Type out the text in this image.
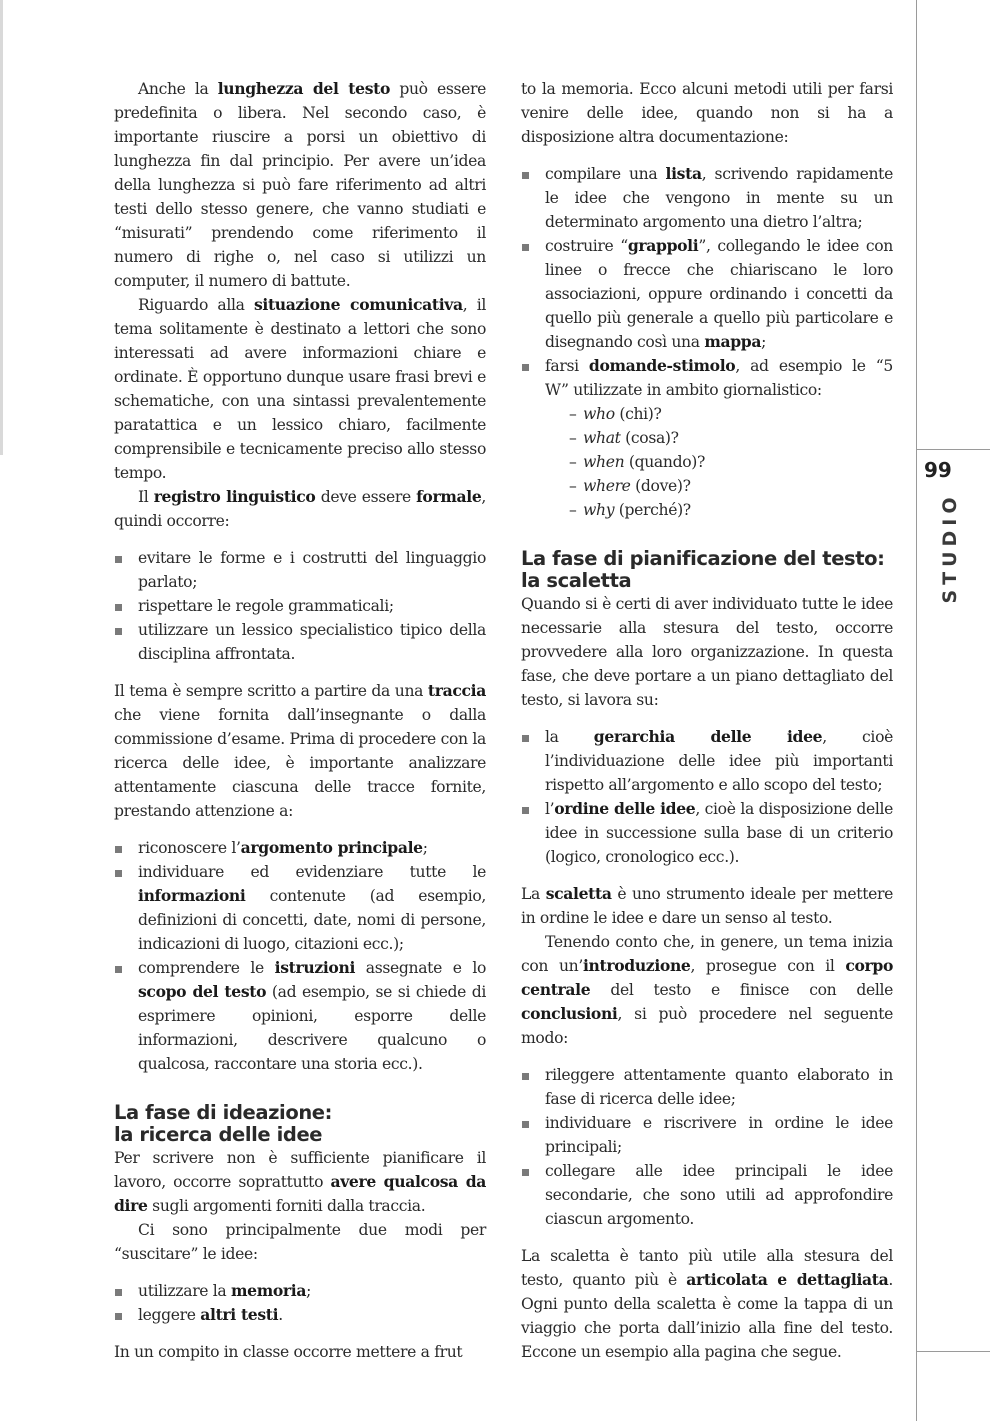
99
STUDIO

Anche la lunghezza del testo può essere predefinita o libera. Nel secondo caso, è importante riuscire a porsi un obiettivo di lunghezza fin dal principio. Per avere un’idea della lunghezza si può fare riferimento ad altri testi dello stesso genere, che vanno studiati e “misurati” prendendo come riferimento il numero di righe o, nel caso si utilizzi un computer, il numero di battute.

Riguardo alla situazione comunicativa, il tema solitamente è destinato a lettori che sono interessati ad avere informazioni chiare e ordinate. È opportuno dunque usare frasi brevi e schematiche, con una sintassi prevalentemente paratattica e un lessico chiaro, facilmente comprensibile e tecnicamente preciso allo stesso tempo.

Il registro linguistico deve essere formale, quindi occorre:

evitare le forme e i costrutti del linguaggio parlato;
rispettare le regole grammaticali;
utilizzare un lessico specialistico tipico della disciplina affrontata.

Il tema è sempre scritto a partire da una traccia che viene fornita dall’insegnante o dalla commissione d’esame. Prima di procedere con la ricerca delle idee, è importante analizzare attentamente ciascuna delle tracce fornite, prestando attenzione a:

riconoscere l’argomento principale;
individuare ed evidenziare tutte le informazioni contenute (ad esempio, definizioni di concetti, date, nomi di persone, indicazioni di luogo, citazioni ecc.);
comprendere le istruzioni assegnate e lo scopo del testo (ad esempio, se si chiede di esprimere opinioni, esporre delle informazioni, descrivere qualcuno o qualcosa, raccontare una storia ecc.).
La fase di ideazione:
la ricerca delle idee

Per scrivere non è sufficiente pianificare il lavoro, occorre soprattutto avere qualcosa da dire sugli argomenti forniti dalla traccia.

Ci sono principalmente due modi per “suscitare” le idee:

utilizzare la memoria;
leggere altri testi.

In un compito in classe occorre mettere a frut

to la memoria. Ecco alcuni metodi utili per farsi venire delle idee, quando non si ha a disposizione altra documentazione:

compilare una lista, scrivendo rapidamente le idee che vengono in mente su un determinato argomento una dietro l’altra;
costruire “grappoli”, collegando le idee con linee o frecce che chiariscano le loro associazioni, oppure ordinando i concetti da quello più generale a quello più particolare e disegnando così una mappa;
farsi domande-stimolo, ad esempio le “5 W” utilizzate in ambito giornalistico:
– who (chi)?
– what (cosa)?
– when (quando)?
– where (dove)?
– why (perché)?
La fase di pianificazione del testo:
la scaletta

Quando si è certi di aver individuato tutte le idee necessarie alla stesura del testo, occorre provvedere alla loro organizzazione. In questa fase, che deve portare a un piano dettagliato del testo, si lavora su:

la gerarchia delle idee, cioè l’individuazione delle idee più importanti rispetto all’argomento e allo scopo del testo;
l’ordine delle idee, cioè la disposizione delle idee in successione sulla base di un criterio (logico, cronologico ecc.).

La scaletta è uno strumento ideale per mettere in ordine le idee e dare un senso al testo.

Tenendo conto che, in genere, un tema inizia con un’introduzione, prosegue con il corpo centrale del testo e finisce con delle conclusioni, si può procedere nel seguente modo:

rileggere attentamente quanto elaborato in fase di ricerca delle idee;
individuare e riscrivere in ordine le idee principali;
collegare alle idee principali le idee secondarie, che sono utili ad approfondire ciascun argomento.

La scaletta è tanto più utile alla stesura del testo, quanto più è articolata e dettagliata. Ogni punto della scaletta è come la tappa di un viaggio che porta dall’inizio alla fine del testo. Eccone un esempio alla pagina che segue.
